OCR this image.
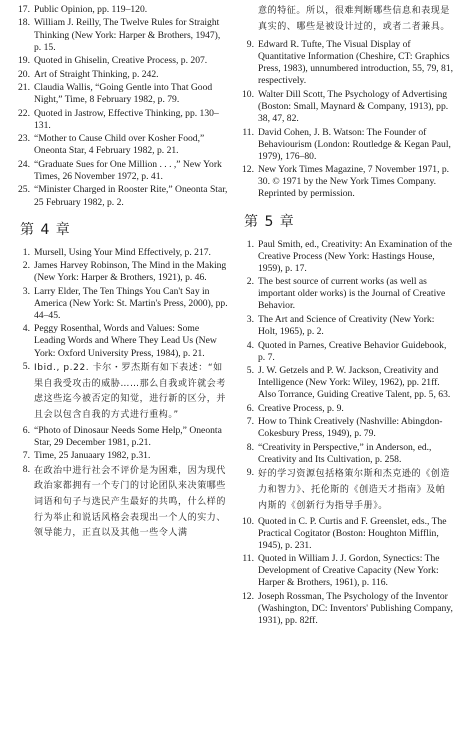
17. Public Opinion, pp. 119–120.
18. William J. Reilly, The Twelve Rules for Straight Thinking (New York: Harper & Brothers, 1947), p. 15.
19. Quoted in Ghiselin, Creative Process, p. 207.
20. Art of Straight Thinking, p. 242.
21. Claudia Wallis, “Going Gentle into That Good Night,” Time, 8 February 1982, p. 79.
22. Quoted in Jastrow, Effective Thinking, pp. 130–131.
23. “Mother to Cause Child over Kosher Food,” Oneonta Star, 4 February 1982, p. 21.
24. “Graduate Sues for One Million . . . ,” New York Times, 26 November 1972, p. 41.
25. “Minister Charged in Rooster Rite,” Oneonta Star, 25 February 1982, p. 2.
第 4 章
1. Mursell, Using Your Mind Effectively, p. 217.
2. James Harvey Robinson, The Mind in the Making (New York: Harper & Brothers, 1921), p. 46.
3. Larry Elder, The Ten Things You Can't Say in America (New York: St. Martin's Press, 2000), pp. 44–45.
4. Peggy Rosenthal, Words and Values: Some Leading Words and Where They Lead Us (New York: Oxford University Press, 1984), p. 21.
5. Ibid., p.22. 卡尔・罗杰斯有如下表述：“如果自我受攻击的威胁……那么自我或许就会考虑这些迄今被否定的知觉，进行新的区分，并且会以包含自我的方式进行重构。”
6. “Photo of Dinosaur Needs Some Help,” Oneonta Star, 29 December 1981, p.21.
7. Time, 25 Januaary 1982, p.31.
8. 在政治中进行社会不评价是为困难，因为现代政治家都拥有一个专门的讨论团队来决策哪些词语和句子与选民产生最好的共鸣，什么样的行为举止和说话风格会表现出一个人的实力、领导能力，正直以及其他一些令人满
意的特征。所以，很难判断哪些信息和表现是真实的、哪些是被设计过的，或者二者兼具。
9. Edward R. Tufte, The Visual Display of Quantitative Information (Cheshire, CT: Graphics Press, 1983), unnumbered introduction, 55, 79, 81, respectively.
10. Walter Dill Scott, The Psychology of Advertising (Boston: Small, Maynard & Company, 1913), pp. 38, 47, 82.
11. David Cohen, J. B. Watson: The Founder of Behaviourism (London: Routledge & Kegan Paul, 1979), 176–80.
12. New York Times Magazine, 7 November 1971, p. 30. © 1971 by the New York Times Company. Reprinted by permission.
第 5 章
1. Paul Smith, ed., Creativity: An Examination of the Creative Process (New York: Hastings House, 1959), p. 17.
2. The best source of current works (as well as important older works) is the Journal of Creative Behavior.
3. The Art and Science of Creativity (New York: Holt, 1965), p. 2.
4. Quoted in Parnes, Creative Behavior Guidebook, p. 7.
5. J. W. Getzels and P. W. Jackson, Creativity and Intelligence (New York: Wiley, 1962), pp. 21ff. Also Torrance, Guiding Creative Talent, pp. 5, 63.
6. Creative Process, p. 9.
7. How to Think Creatively (Nashville: Abingdon-Cokesbury Press, 1949), p. 79.
8. “Creativity in Perspective,” in Anderson, ed., Creativity and Its Cultivation, p. 258.
9. 好的学习资源包括格策尔斯和杰克逊的《创造力和智力》、托伦斯的《创造天才指南》及帕内斯的《创新行为指导手册》。
10. Quoted in C. P. Curtis and F. Greenslet, eds., The Practical Cogitator (Boston: Houghton Mifflin, 1945), p. 231.
11. Quoted in William J. J. Gordon, Synectics: The Development of Creative Capacity (New York: Harper & Brothers, 1961), p. 116.
12. Joseph Rossman, The Psychology of the Inventor (Washington, DC: Inventors' Publishing Company, 1931), pp. 82ff.
